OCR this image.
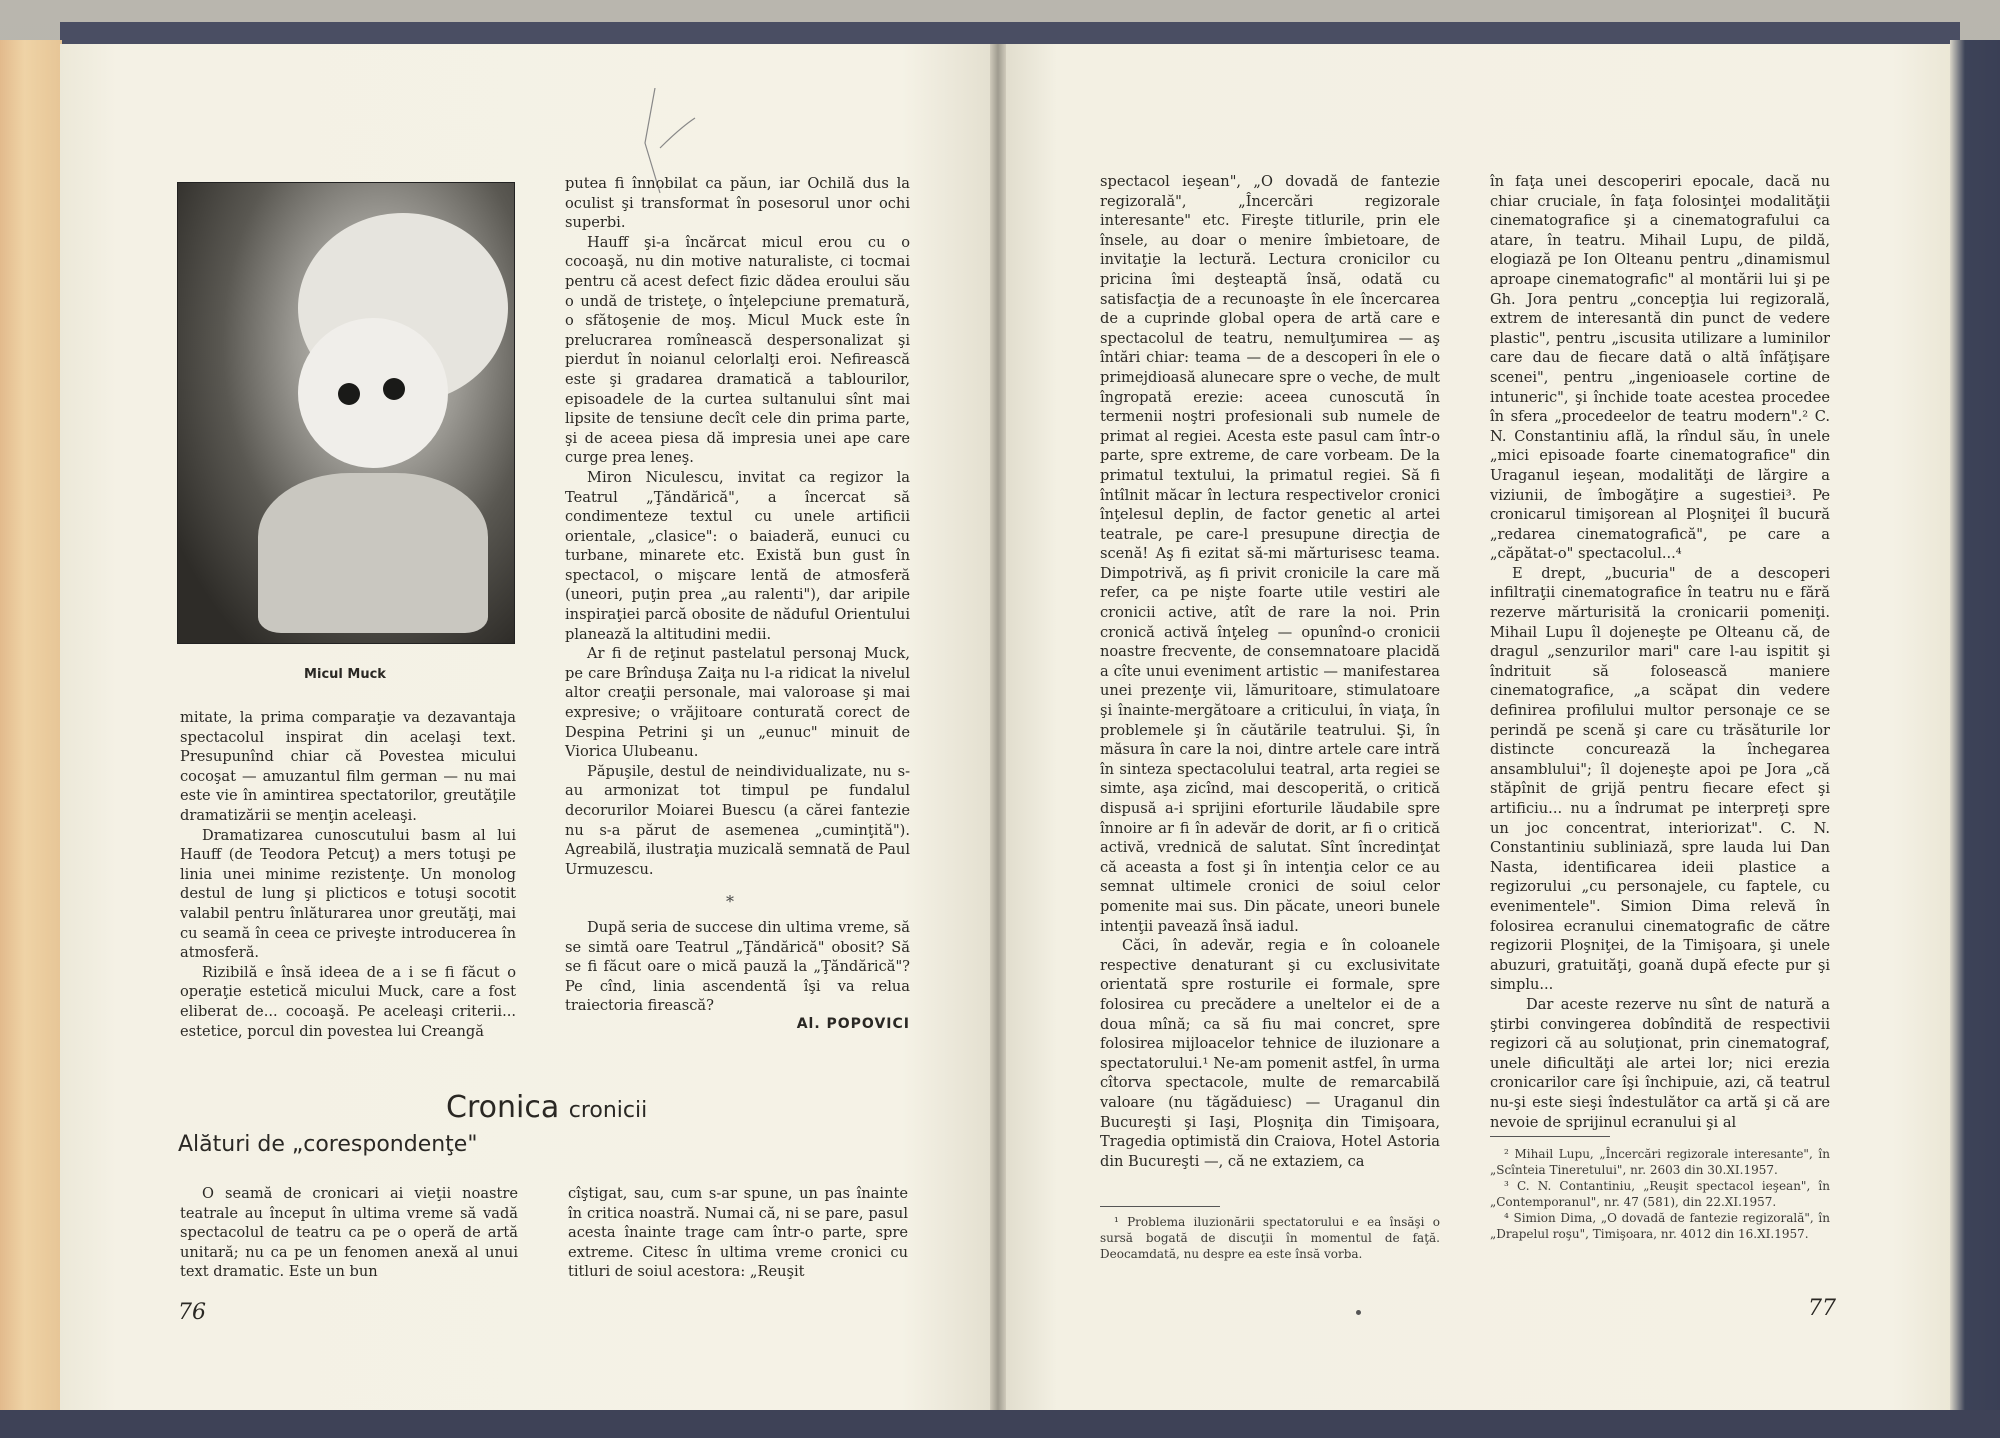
Micul Muck

mitate, la prima comparaţie va dezavantaja spectacolul inspirat din acelaşi text. Presupunînd chiar că Povestea micului cocoşat — amuzantul film german — nu mai este vie în amintirea spectatorilor, greutăţile dramatizării se menţin aceleaşi.

Dramatizarea cunoscutului basm al lui Hauff (de Teodora Petcuţ) a mers totuşi pe linia unei minime rezistenţe. Un monolog destul de lung şi plicticos e totuşi socotit valabil pentru înlăturarea unor greutăţi, mai cu seamă în ceea ce priveşte introducerea în atmosferă.

Rizibilă e însă ideea de a i se fi făcut o operaţie estetică micului Muck, care a fost eliberat de... cocoaşă. Pe aceleaşi criterii... estetice, porcul din povestea lui Creangă

putea fi înnobilat ca păun, iar Ochilă dus la oculist şi transformat în posesorul unor ochi superbi.

Hauff şi-a încărcat micul erou cu o cocoaşă, nu din motive naturaliste, ci tocmai pentru că acest defect fizic dădea eroului său o undă de tristeţe, o înţelepciune prematură, o sfătoşenie de moş. Micul Muck este în prelucrarea romînească despersonalizat şi pierdut în noianul celorlalţi eroi. Nefirească este şi gradarea dramatică a tablourilor, episoadele de la curtea sultanului sînt mai lipsite de tensiune decît cele din prima parte, şi de aceea piesa dă impresia unei ape care curge prea leneş.

Miron Niculescu, invitat ca regizor la Teatrul „Ţăndărică", a încercat să condimenteze textul cu unele artificii orientale, „clasice": o baiaderă, eunuci cu turbane, minarete etc. Există bun gust în spectacol, o mişcare lentă de atmosferă (uneori, puţin prea „au ralenti"), dar aripile inspiraţiei parcă obosite de năduful Orientului planează la altitudini medii.

Ar fi de reţinut pastelatul personaj Muck, pe care Brînduşa Zaiţa nu l-a ridicat la nivelul altor creaţii personale, mai valoroase şi mai expresive; o vrăjitoare conturată corect de Despina Petrini şi un „eunuc" minuit de Viorica Ulubeanu.

Păpuşile, destul de neindividualizate, nu s-au armonizat tot timpul pe fundalul decorurilor Moiarei Buescu (a cărei fantezie nu s-a părut de asemenea „cuminţită"). Agreabilă, ilustraţia muzicală semnată de Paul Urmuzescu.

*
După seria de succese din ultima vreme, să se simtă oare Teatrul „Ţăndărică" obosit? Să se fi făcut oare o mică pauză la „Ţăndărică"? Pe cînd, linia ascendentă îşi va relua traiectoria firească?
Al. POPOVICI
Cronica cronicii
Alături de „corespondenţe"
O seamă de cronicari ai vieţii noastre teatrale au început în ultima vreme să vadă spectacolul de teatru ca pe o operă de artă unitară; nu ca pe un fenomen anexă al unui text dramatic. Este un bun
cîştigat, sau, cum s-ar spune, un pas înainte în critica noastră. Numai că, ni se pare, pasul acesta înainte trage cam într-o parte, spre extreme. Citesc în ultima vreme cronici cu titluri de soiul acestora: „Reuşit
76

spectacol ieşean", „O dovadă de fantezie regizorală", „Încercări regizorale interesante" etc. Fireşte titlurile, prin ele însele, au doar o menire îmbietoare, de invitaţie la lectură. Lectura cronicilor cu pricina îmi deşteaptă însă, odată cu satisfacţia de a recunoaşte în ele încercarea de a cuprinde global opera de artă care e spectacolul de teatru, nemulţumirea — aş întări chiar: teama — de a descoperi în ele o primejdioasă alunecare spre o veche, de mult îngropată erezie: aceea cunoscută în termenii noştri profesionali sub numele de primat al regiei. Acesta este pasul cam într-o parte, spre extreme, de care vorbeam. De la primatul textului, la primatul regiei. Să fi întîlnit măcar în lectura respectivelor cronici înţelesul deplin, de factor genetic al artei teatrale, pe care-l presupune direcţia de scenă! Aş fi ezitat să-mi mărturisesc teama. Dimpotrivă, aş fi privit cronicile la care mă refer, ca pe nişte foarte utile vestiri ale cronicii active, atît de rare la noi. Prin cronică activă înţeleg — opunînd-o cronicii noastre frecvente, de consemnatoare placidă a cîte unui eveniment artistic — manifestarea unei prezenţe vii, lămuritoare, stimulatoare şi înainte-mergătoare a criticului, în viaţa, în problemele şi în căutările teatrului. Şi, în măsura în care la noi, dintre artele care intră în sinteza spectacolului teatral, arta regiei se simte, aşa zicînd, mai descoperită, o critică dispusă a-i sprijini eforturile lăudabile spre înnoire ar fi în adevăr de dorit, ar fi o critică activă, vrednică de salutat. Sînt încredinţat că aceasta a fost şi în intenţia celor ce au semnat ultimele cronici de soiul celor pomenite mai sus. Din păcate, uneori bunele intenţii pavează însă iadul.

Căci, în adevăr, regia e în coloanele respective denaturant şi cu exclusivitate orientată spre rosturile ei formale, spre folosirea cu precădere a uneltelor ei de a doua mînă; ca să fiu mai concret, spre folosirea mijloacelor tehnice de iluzionare a spectatorului.¹ Ne-am pomenit astfel, în urma cîtorva spectacole, multe de remarcabilă valoare (nu tăgăduiesc) — Uraganul din Bucureşti şi Iaşi, Ploşniţa din Timişoara, Tragedia optimistă din Craiova, Hotel Astoria din Bucureşti —, că ne extaziem, ca

¹ Problema iluzionării spectatorului e ea însăşi o sursă bogată de discuţii în momentul de faţă. Deocamdată, nu despre ea este însă vorba.

în faţa unei descoperiri epocale, dacă nu chiar cruciale, în faţa folosinţei modalităţii cinematografice şi a cinematografului ca atare, în teatru. Mihail Lupu, de pildă, elogiază pe Ion Olteanu pentru „dinamismul aproape cinematografic" al montării lui şi pe Gh. Jora pentru „concepţia lui regizorală, extrem de interesantă din punct de vedere plastic", pentru „iscusita utilizare a luminilor care dau de fiecare dată o altă înfăţişare scenei", pentru „ingenioasele cortine de intuneric", şi închide toate acestea procedee în sfera „procedeelor de teatru modern".² C. N. Constantiniu află, la rîndul său, în unele „mici episoade foarte cinematografice" din Uraganul ieşean, modalităţi de lărgire a viziunii, de îmbogăţire a sugestiei³. Pe cronicarul timişorean al Ploşniţei îl bucură „redarea cinematografică", pe care a „căpătat-o" spectacolul...⁴

E drept, „bucuria" de a descoperi infiltraţii cinematografice în teatru nu e fără rezerve mărturisită la cronicarii pomeniţi. Mihail Lupu îl dojeneşte pe Olteanu că, de dragul „senzurilor mari" care l-au ispitit şi îndrituit să folosească maniere cinematografice, „a scăpat din vedere definirea profilului multor personaje ce se perindă pe scenă şi care cu trăsăturile lor distincte concurează la închegarea ansamblului"; îl dojeneşte apoi pe Jora „că stăpînit de grijă pentru fiecare efect şi artificiu... nu a îndrumat pe interpreţi spre un joc concentrat, interiorizat". C. N. Constantiniu subliniază, spre lauda lui Dan Nasta, identificarea ideii plastice a regizorului „cu personajele, cu faptele, cu evenimentele". Simion Dima relevă în folosirea ecranului cinematografic de către regizorii Ploşniţei, de la Timişoara, şi unele abuzuri, gratuităţi, goană după efecte pur şi simplu...

Dar aceste rezerve nu sînt de natură a ştirbi convingerea dobîndită de respectivii regizori că au soluţionat, prin cinematograf, unele dificultăţi ale artei lor; nici erezia cronicarilor care îşi închipuie, azi, că teatrul nu-şi este sieşi îndestulător ca artă şi că are nevoie de sprijinul ecranului şi al

² Mihail Lupu, „Încercări regizorale interesante", în „Scînteia Tineretului", nr. 2603 din 30.XI.1957.
³ C. N. Contantiniu, „Reuşit spectacol ieşean", în „Contemporanul", nr. 47 (581), din 22.XI.1957.
⁴ Simion Dima, „O dovadă de fantezie regizorală", în „Drapelul roşu", Timişoara, nr. 4012 din 16.XI.1957.
77
